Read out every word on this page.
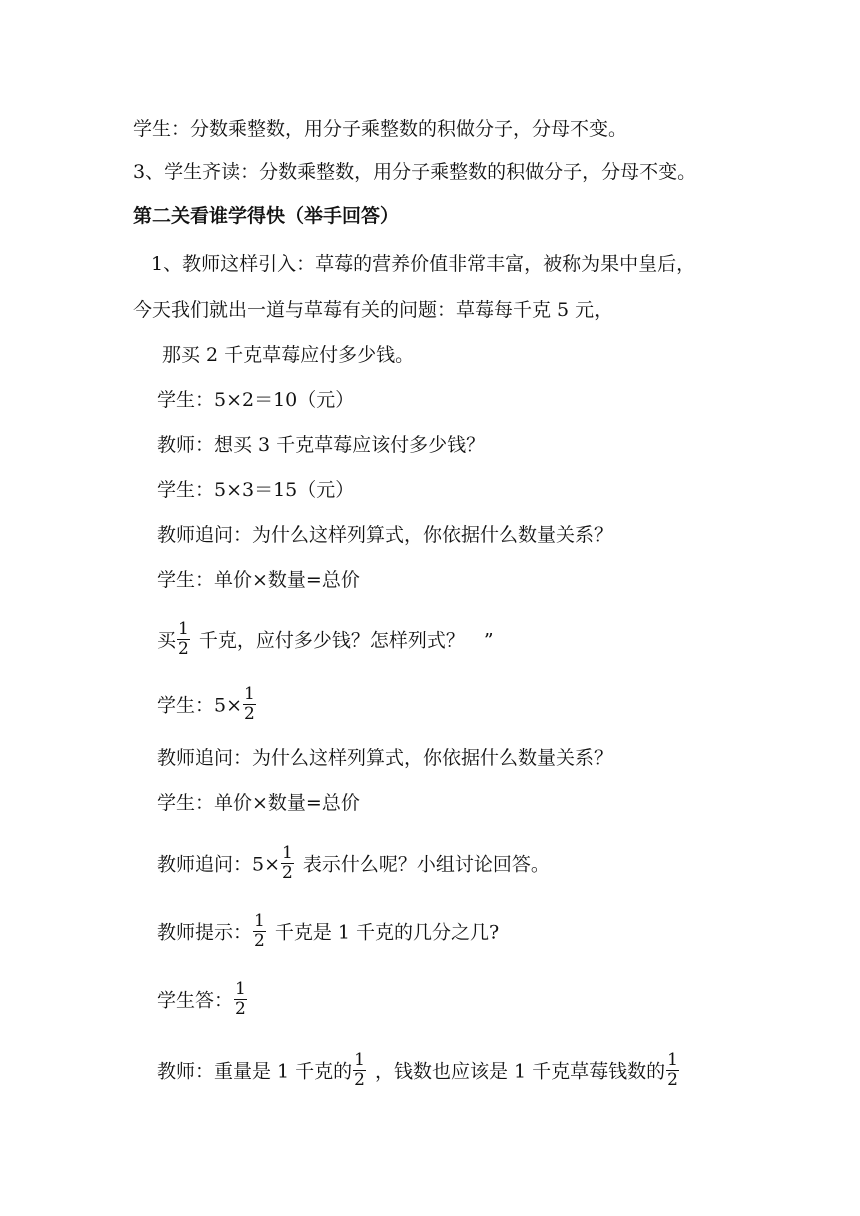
学生：分数乘整数，用分子乘整数的积做分子，分母不变。
3、学生齐读：分数乘整数，用分子乘整数的积做分子，分母不变。
第二关看谁学得快（举手回答）
1、教师这样引入：草莓的营养价值非常丰富，被称为果中皇后，
今天我们就出一道与草莓有关的问题：草莓每千克 5 元，
那买 2 千克草莓应付多少钱。
学生：5×2＝10（元）
教师：想买 3 千克草莓应该付多少钱？
学生：5×3＝15（元）
教师追问：为什么这样列算式，你依据什么数量关系？
学生：单价×数量=总价
买 $\frac{1}{2}$ 千克，应付多少钱？怎样列式？　”
学生：$5\times \frac{1}{2}$
教师追问：为什么这样列算式，你依据什么数量关系？
学生：单价×数量=总价
教师追问：$5\times \frac{1}{2}$ 表示什么呢？小组讨论回答。
教师提示： $\frac{1}{2}$ 千克是 1 千克的几分之几?
学生答： $\frac{1}{2}$
教师：重量是 1 千克的 $\frac{1}{2}$ ，钱数也应该是 1 千克草莓钱数的 $\frac{1}{2}$
